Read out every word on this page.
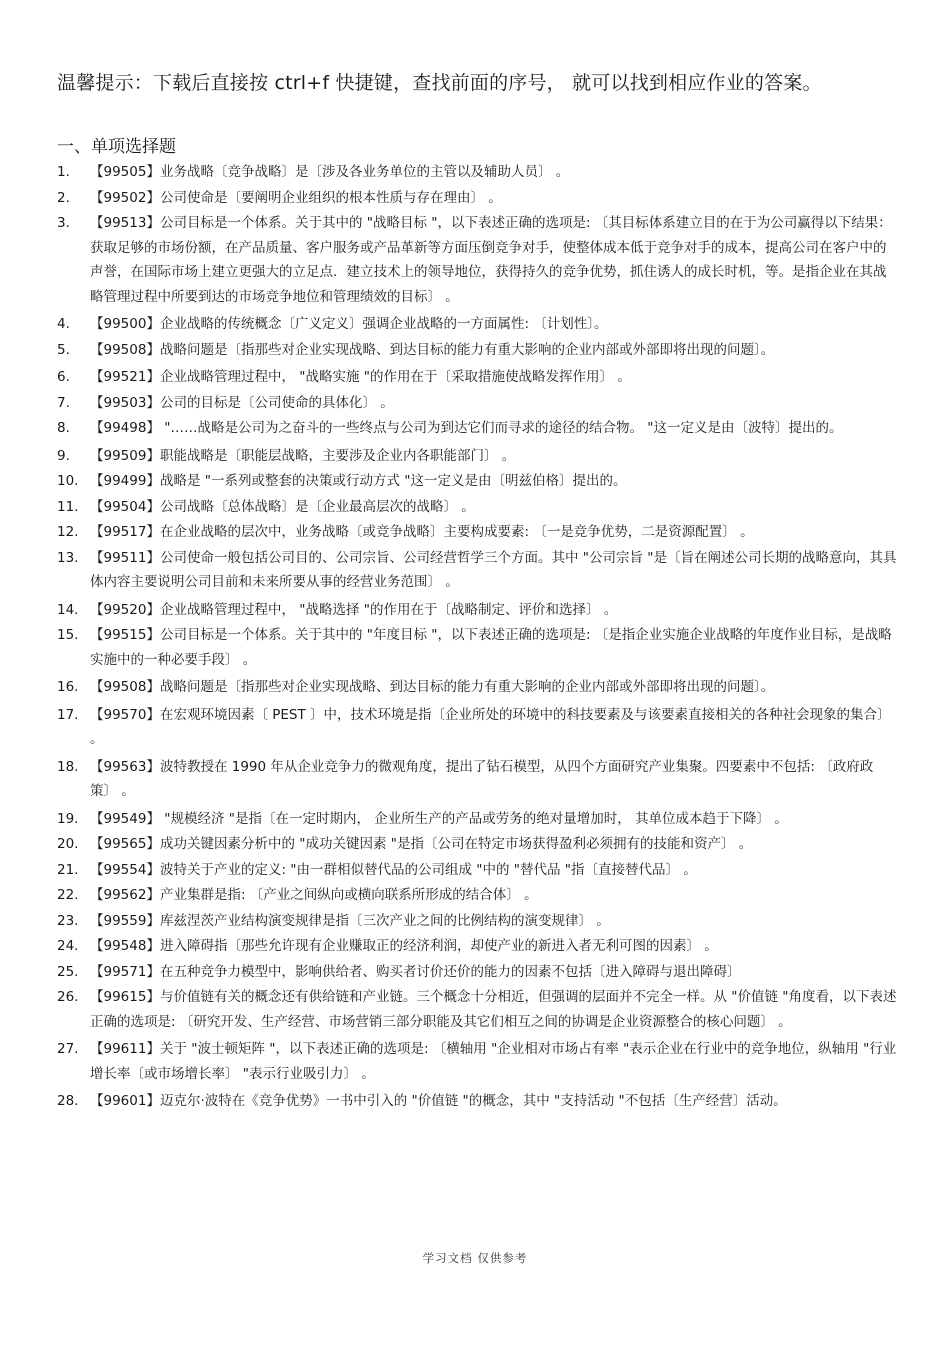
温馨提示：下载后直接按 ctrl+f 快捷键，查找前面的序号， 就可以找到相应作业的答案。
一、单项选择题
1.	【99505】业务战略〔竞争战略〕是〔涉及各业务单位的主管以及辅助人员〕 。
2.	【99502】公司使命是〔要阐明企业组织的根本性质与存在理由〕 。
3.	【99513】公司目标是一个体系。关于其中的 "战略目标 "，以下表述正确的选项是: 〔其目标体系建立目的在于为公司赢得以下结果：获取足够的市场份额，在产品质量、客户服务或产品革新等方面压倒竞争对手，使整体成本低于竞争对手的成本，提高公司在客户中的声誉，在国际市场上建立更强大的立足点．建立技术上的领导地位，获得持久的竞争优势，抓住诱人的成长时机，等。是指企业在其战略管理过程中所要到达的市场竞争地位和管理绩效的目标〕 。
4.	【99500】企业战略的传统概念〔广义定义〕强调企业战略的一方面属性: 〔计划性〕。
5.	【99508】战略问题是〔指那些对企业实现战略、到达目标的能力有重大影响的企业内部或外部即将出现的问题〕。
6.	【99521】企业战略管理过程中， "战略实施 "的作用在于〔采取措施使战略发挥作用〕 。
7.	【99503】公司的目标是〔公司使命的具体化〕 。
8.	【99498】 "……战略是公司为之奋斗的一些终点与公司为到达它们而寻求的途径的结合物。 "这一定义是由〔波特〕提出的。
9.	【99509】职能战略是〔职能层战略，主要涉及企业内各职能部门〕 。
10. 【99499】战略是 "一系列或整套的决策或行动方式 "这一定义是由〔明兹伯格〕提出的。
11. 【99504】公司战略〔总体战略〕是〔企业最高层次的战略〕 。
12. 【99517】在企业战略的层次中，业务战略〔或竞争战略〕主要构成要素: 〔一是竞争优势，二是资源配置〕 。
13. 【99511】公司使命一般包括公司目的、公司宗旨、公司经营哲学三个方面。其中 "公司宗旨 "是〔旨在阐述公司长期的战略意向，其具体内容主要说明公司目前和未来所要从事的经营业务范围〕 。
14. 【99520】企业战略管理过程中， "战略选择 "的作用在于〔战略制定、评价和选择〕 。
15. 【99515】公司目标是一个体系。关于其中的 "年度目标 "，以下表述正确的选项是: 〔是指企业实施企业战略的年度作业目标，是战略实施中的一种必要手段〕 。
16. 【99508】战略问题是〔指那些对企业实现战略、到达目标的能力有重大影响的企业内部或外部即将出现的问题〕。
17. 【99570】在宏观环境因素〔 PEST 〕中，技术环境是指〔企业所处的环境中的科技要素及与该要素直接相关的各种社会现象的集合〕 。
18. 【99563】波特教授在 1990 年从企业竞争力的微观角度，提出了钻石模型，从四个方面研究产业集聚。四要素中不包括: 〔政府政策〕 。
19. 【99549】 "规模经济 "是指〔在一定时期内， 企业所生产的产品或劳务的绝对量增加时， 其单位成本趋于下降〕 。
20. 【99565】成功关键因素分析中的 "成功关键因素 "是指〔公司在特定市场获得盈利必须拥有的技能和资产〕 。
21. 【99554】波特关于产业的定义: "由一群相似替代品的公司组成 "中的 "替代品 "指〔直接替代品〕 。
22. 【99562】产业集群是指: 〔产业之间纵向或横向联系所形成的结合体〕 。
23. 【99559】库兹涅茨产业结构演变规律是指〔三次产业之间的比例结构的演变规律〕 。
24. 【99548】进入障碍指〔那些允许现有企业赚取正的经济利润，却使产业的新进入者无利可图的因素〕 。
25. 【99571】在五种竞争力模型中，影响供给者、购买者讨价还价的能力的因素不包括〔进入障碍与退出障碍〕
26. 【99615】与价值链有关的概念还有供给链和产业链。三个概念十分相近，但强调的层面并不完全一样。从 "价值链 "角度看，以下表述正确的选项是: 〔研究开发、生产经营、市场营销三部分职能及其它们相互之间的协调是企业资源整合的核心问题〕 。
27. 【99611】关于 "波士顿矩阵 "，以下表述正确的选项是: 〔横轴用 "企业相对市场占有率 "表示企业在行业中的竞争地位，纵轴用 "行业增长率〔或市场增长率〕 "表示行业吸引力〕 。
28. 【99601】迈克尔·波特在《竞争优势》一书中引入的 "价值链 "的概念，其中 "支持活动 "不包括〔生产经营〕活动。
学习文档 仅供参考
